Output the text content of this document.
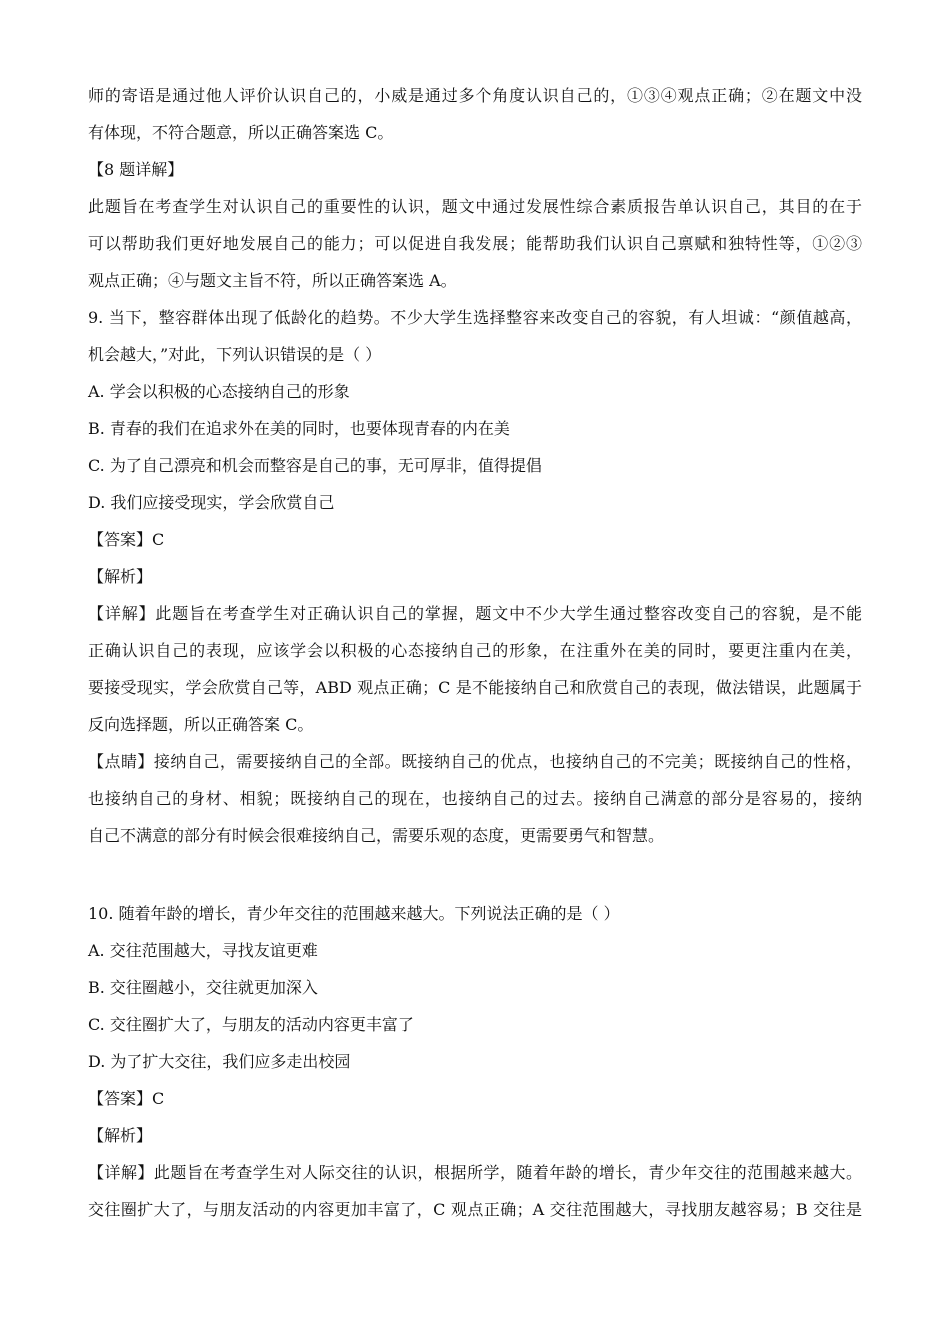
师的寄语是通过他人评价认识自己的，小威是通过多个角度认识自己的，①③④观点正确；②在题文中没
有体现，不符合题意，所以正确答案选 C。
【8 题详解】
此题旨在考查学生对认识自己的重要性的认识，题文中通过发展性综合素质报告单认识自己，其目的在于
可以帮助我们更好地发展自己的能力；可以促进自我发展；能帮助我们认识自己禀赋和独特性等，①②③
观点正确；④与题文主旨不符，所以正确答案选 A。
9. 当下，整容群体出现了低龄化的趋势。不少大学生选择整容来改变自己的容貌，有人坦诚：“颜值越高，
机会越大，”对此，下列认识错误的是（ ）
A. 学会以积极的心态接纳自己的形象
B. 青春的我们在追求外在美的同时，也要体现青春的内在美
C. 为了自己漂亮和机会而整容是自己的事，无可厚非，值得提倡
D. 我们应接受现实，学会欣赏自己
【答案】C
【解析】
【详解】此题旨在考查学生对正确认识自己的掌握，题文中不少大学生通过整容改变自己的容貌，是不能
正确认识自己的表现，应该学会以积极的心态接纳自己的形象，在注重外在美的同时，要更注重内在美，
要接受现实，学会欣赏自己等，ABD 观点正确；C 是不能接纳自己和欣赏自己的表现，做法错误，此题属于
反向选择题，所以正确答案 C。
【点睛】接纳自己，需要接纳自己的全部。既接纳自己的优点，也接纳自己的不完美；既接纳自己的性格，
也接纳自己的身材、相貌；既接纳自己的现在，也接纳自己的过去。接纳自己满意的部分是容易的，接纳
自己不满意的部分有时候会很难接纳自己，需要乐观的态度，更需要勇气和智慧。
10. 随着年龄的增长，青少年交往的范围越来越大。下列说法正确的是（ ）
A. 交往范围越大，寻找友谊更难
B. 交往圈越小，交往就更加深入
C. 交往圈扩大了，与朋友的活动内容更丰富了
D. 为了扩大交往，我们应多走出校园
【答案】C
【解析】
【详解】此题旨在考查学生对人际交往的认识，根据所学，随着年龄的增长，青少年交往的范围越来越大。
交往圈扩大了，与朋友活动的内容更加丰富了，C 观点正确；A 交往范围越大，寻找朋友越容易；B 交往是
